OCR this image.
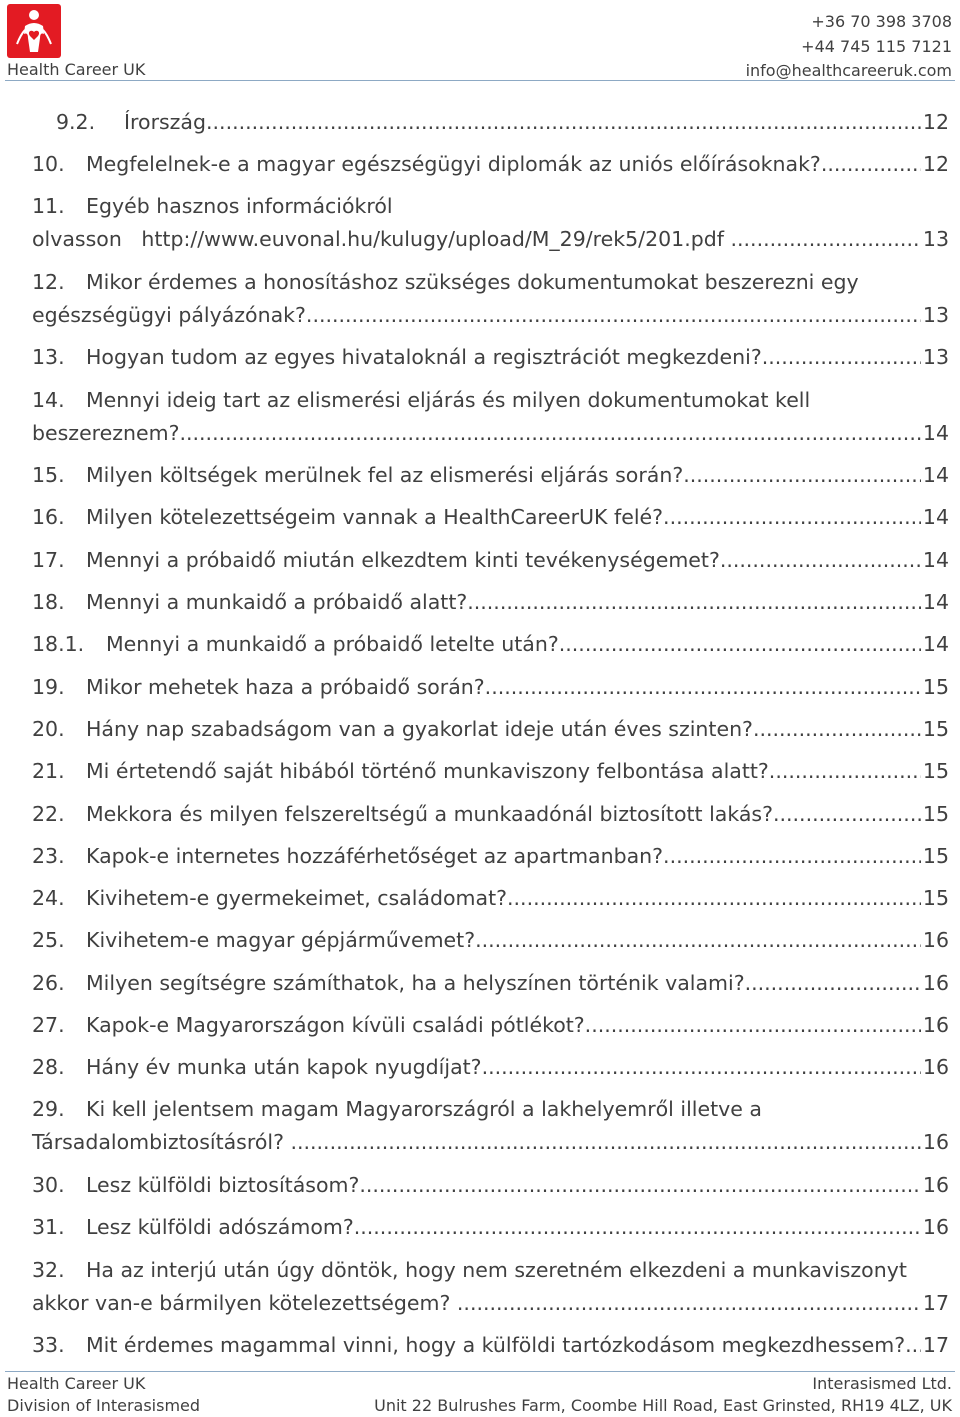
Health Career UK
+36 70 398 3708
+44 745 115 7121
info@healthcareeruk.com
9.2. Írország .....	12
10. Megfelelnek-e a magyar egészségügyi diplomák az uniós előírásoknak? .....	12
11. Egyéb hasznos információkról
olvasson   http://www.euvonal.hu/kulugy/upload/M_29/rek5/201.pdf .....	13
12. Mikor érdemes a honosításhoz szükséges dokumentumokat beszerezni egy
egészségügyi pályázónak? .....	13
13. Hogyan tudom az egyes hivataloknál a regisztrációt megkezdeni? .....	13
14. Mennyi ideig tart az elismerési eljárás és milyen dokumentumokat kell
beszereznem? .....	14
15. Milyen költségek merülnek fel az elismerési eljárás során? .....	14
16. Milyen kötelezettségeim vannak a HealthCareerUK felé? .....	14
17. Mennyi a próbaidő miután elkezdtem kinti tevékenységemet? .....	14
18. Mennyi a munkaidő a próbaidő alatt? .....	14
18.1. Mennyi a munkaidő a próbaidő letelte után? .....	14
19. Mikor mehetek haza a próbaidő során? .....	15
20. Hány nap szabadságom van a gyakorlat ideje után éves szinten? .....	15
21. Mi értetendő saját hibából történő munkaviszony felbontása alatt? .....	15
22. Mekkora és milyen felszereltségű a munkaadónál biztosított lakás? .....	15
23. Kapok-e internetes hozzáférhetőséget az apartmanban? .....	15
24. Kivihetem-e gyermekeimet, családomat? .....	15
25. Kivihetem-e magyar gépjárművemet? .....	16
26. Milyen segítségre számíthatok, ha a helyszínen történik valami? .....	16
27. Kapok-e Magyarországon kívüli családi pótlékot? .....	16
28. Hány év munka után kapok nyugdíjat? .....	16
29. Ki kell jelentsem magam Magyarországról a lakhelyemről illetve a
Társadalombiztosításról? .....	16
30. Lesz külföldi biztosításom? .....	16
31. Lesz külföldi adószámom? .....	16
32. Ha az interjú után úgy döntök, hogy nem szeretném elkezdeni a munkaviszonyt
akkor van-e bármilyen kötelezettségem? .....	17
33. Mit érdemes magammal vinni, hogy a külföldi tartózkodásom megkezdhessem? ..... 17
Health Career UK
Division of Interasismed
Interasismed Ltd.
Unit 22 Bulrushes Farm, Coombe Hill Road, East Grinsted, RH19 4LZ, UK
